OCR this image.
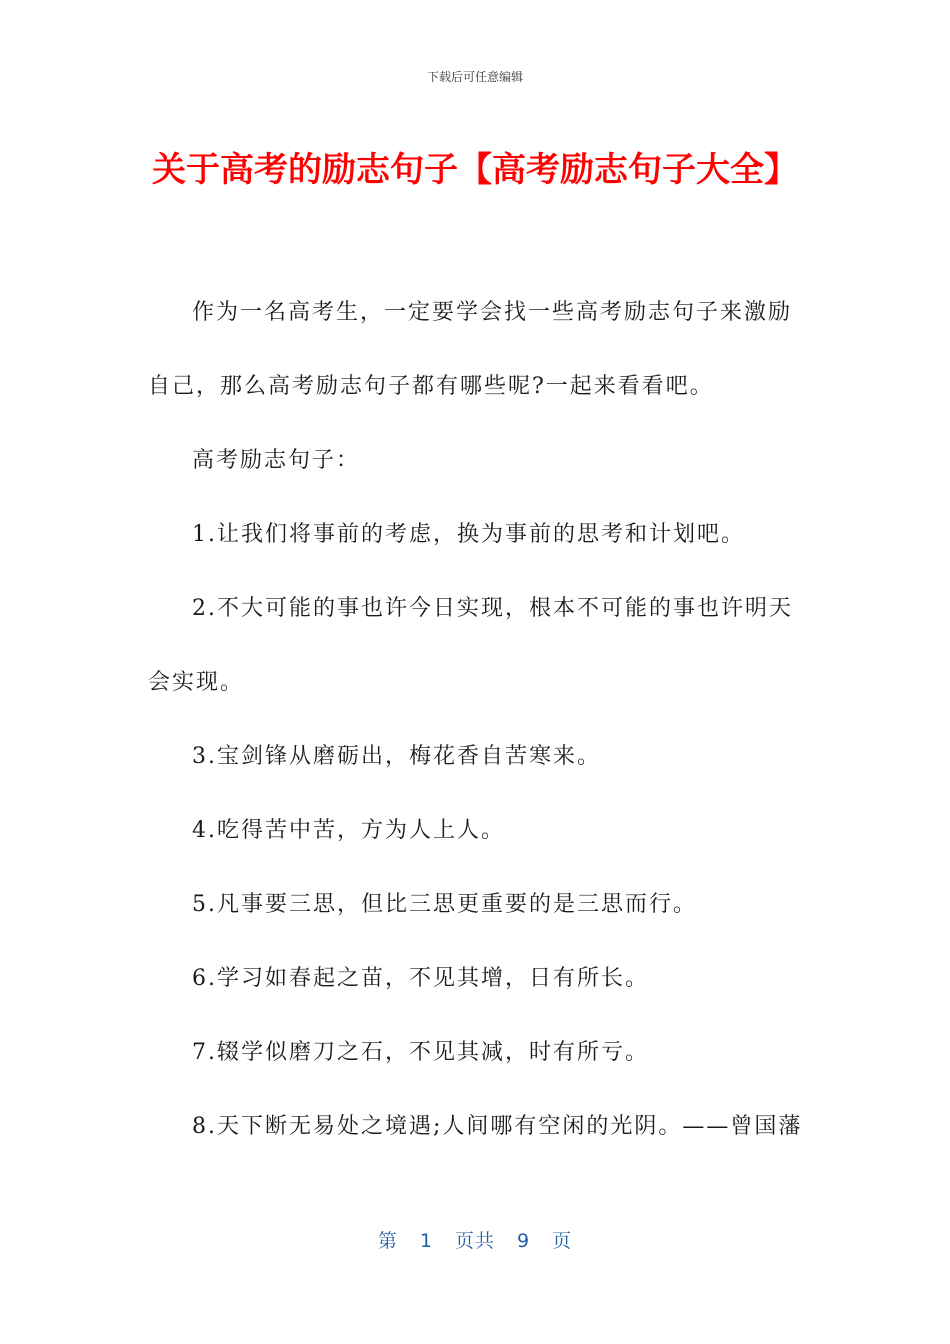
下载后可任意编辑
关于高考的励志句子【高考励志句子大全】

作为一名高考生，一定要学会找一些高考励志句子来激励自己，那么高考励志句子都有哪些呢?一起来看看吧。

高考励志句子：

1.让我们将事前的考虑，换为事前的思考和计划吧。

2.不大可能的事也许今日实现，根本不可能的事也许明天会实现。

3.宝剑锋从磨砺出，梅花香自苦寒来。

4.吃得苦中苦，方为人上人。

5.凡事要三思，但比三思更重要的是三思而行。

6.学习如春起之苗，不见其增，日有所长。

7.辍学似磨刀之石，不见其减，时有所亏。

8.天下断无易处之境遇;人间哪有空闲的光阴。——曾国藩

第 1 页共 9 页
